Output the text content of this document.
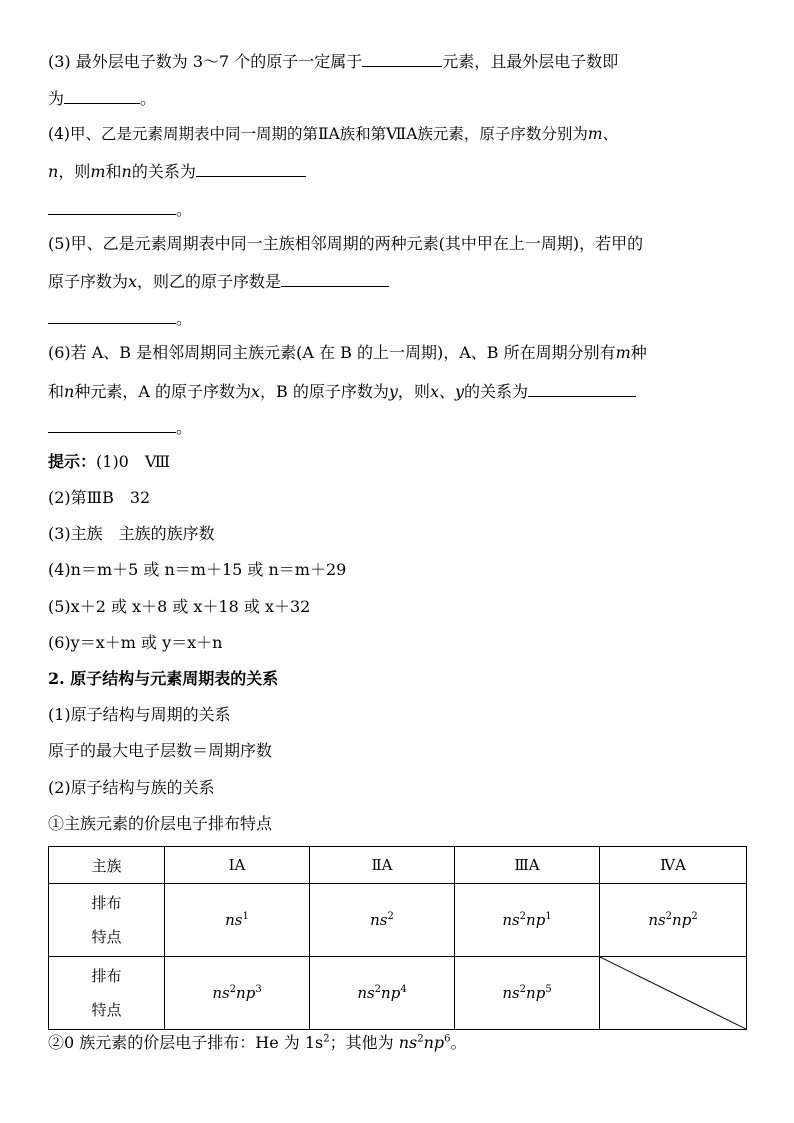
(3) 最外层电子数为 3～7 个的原子一定属于	元素，且最外层电子数即
为	。
(4)甲、乙是元素周期表中同一周期的第ⅡA族和第ⅦA族元素，原子序数分别为m、
n，则m和n的关系为
。
(5)甲、乙是元素周期表中同一主族相邻周期的两种元素(其中甲在上一周期)，若甲的
原子序数为x，则乙的原子序数是
。
(6)若 A、B 是相邻周期同主族元素(A 在 B 的上一周期)，A、B 所在周期分别有m种
和n种元素，A 的原子序数为x，B 的原子序数为y，则x、y的关系为
。
提示：(1)0　Ⅷ
(2)第ⅢB　32
(3)主族　主族的族序数
(4)n＝m＋5 或 n＝m＋15 或 n＝m＋29
(5)x＋2 或 x＋8 或 x＋18 或 x＋32
(6)y＝x＋m 或 y＝x＋n
2. 原子结构与元素周期表的关系
(1)原子结构与周期的关系
原子的最大电子层数＝周期序数
(2)原子结构与族的关系
①主族元素的价层电子排布特点
主族	ⅠA	ⅡA	ⅢA	ⅣA

排布
特点	$ns^1$	$ns^2$	$ns^2np^1$	$ns^2np^2$

排布
特点	$ns^2np^3$	$ns^2np^4$	$ns^2np^5$	
②0 族元素的价层电子排布：He 为 $1s^2$；其他为 $ns^2np^6$。
